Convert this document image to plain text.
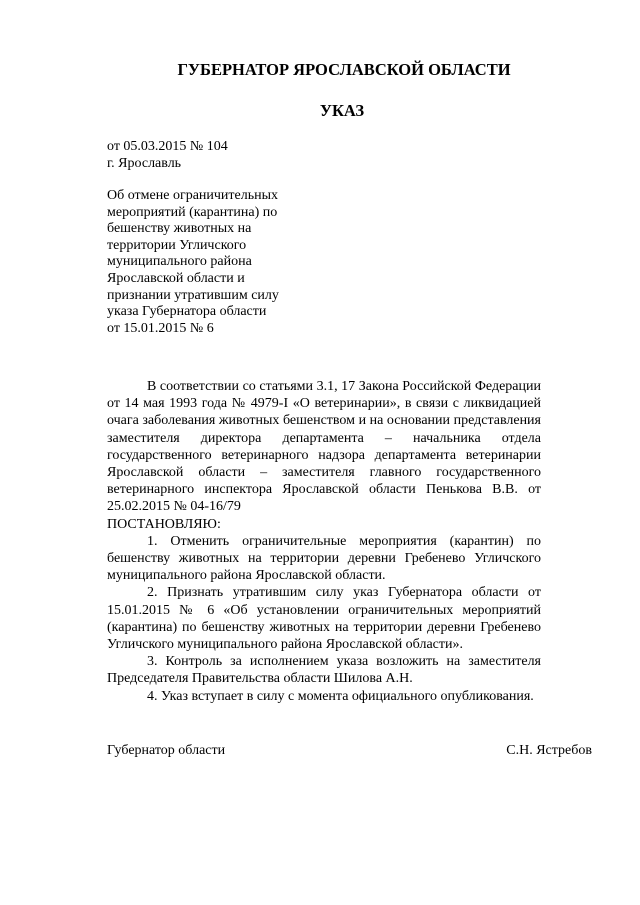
ГУБЕРНАТОР ЯРОСЛАВСКОЙ ОБЛАСТИ
УКАЗ
от 05.03.2015 № 104
г. Ярославль
Об отмене ограничительных
мероприятий (карантина) по
бешенству животных на
территории Угличского
муниципального района
Ярославской области и
признании утратившим силу
указа Губернатора области
от 15.01.2015 № 6

В соответствии со статьями 3.1, 17 Закона Российской Федерации от 14 мая 1993 года № 4979-I «О ветеринарии», в связи с ликвидацией очага заболевания животных бешенством и на основании представления заместителя директора департамента – начальника отдела государственного ветеринарного надзора департамента ветеринарии Ярославской области – заместителя главного государственного ветеринарного инспектора Ярославской области Пенькова В.В. от 25.02.2015 № 04-16/79

ПОСТАНОВЛЯЮ:

1. Отменить ограничительные мероприятия (карантин) по бешенству животных на территории деревни Гребенево Угличского муниципального района Ярославской области.

2. Признать утратившим силу указ Губернатора области от 15.01.2015 № 6 «Об установлении ограничительных мероприятий (карантина) по бешенству животных на территории деревни Гребенево Угличского муниципального района Ярославской области».

3. Контроль за исполнением указа возложить на заместителя Председателя Правительства области Шилова А.Н.

4. Указ вступает в силу с момента официального опубликования.

Губернатор области	С.Н. Ястребов
